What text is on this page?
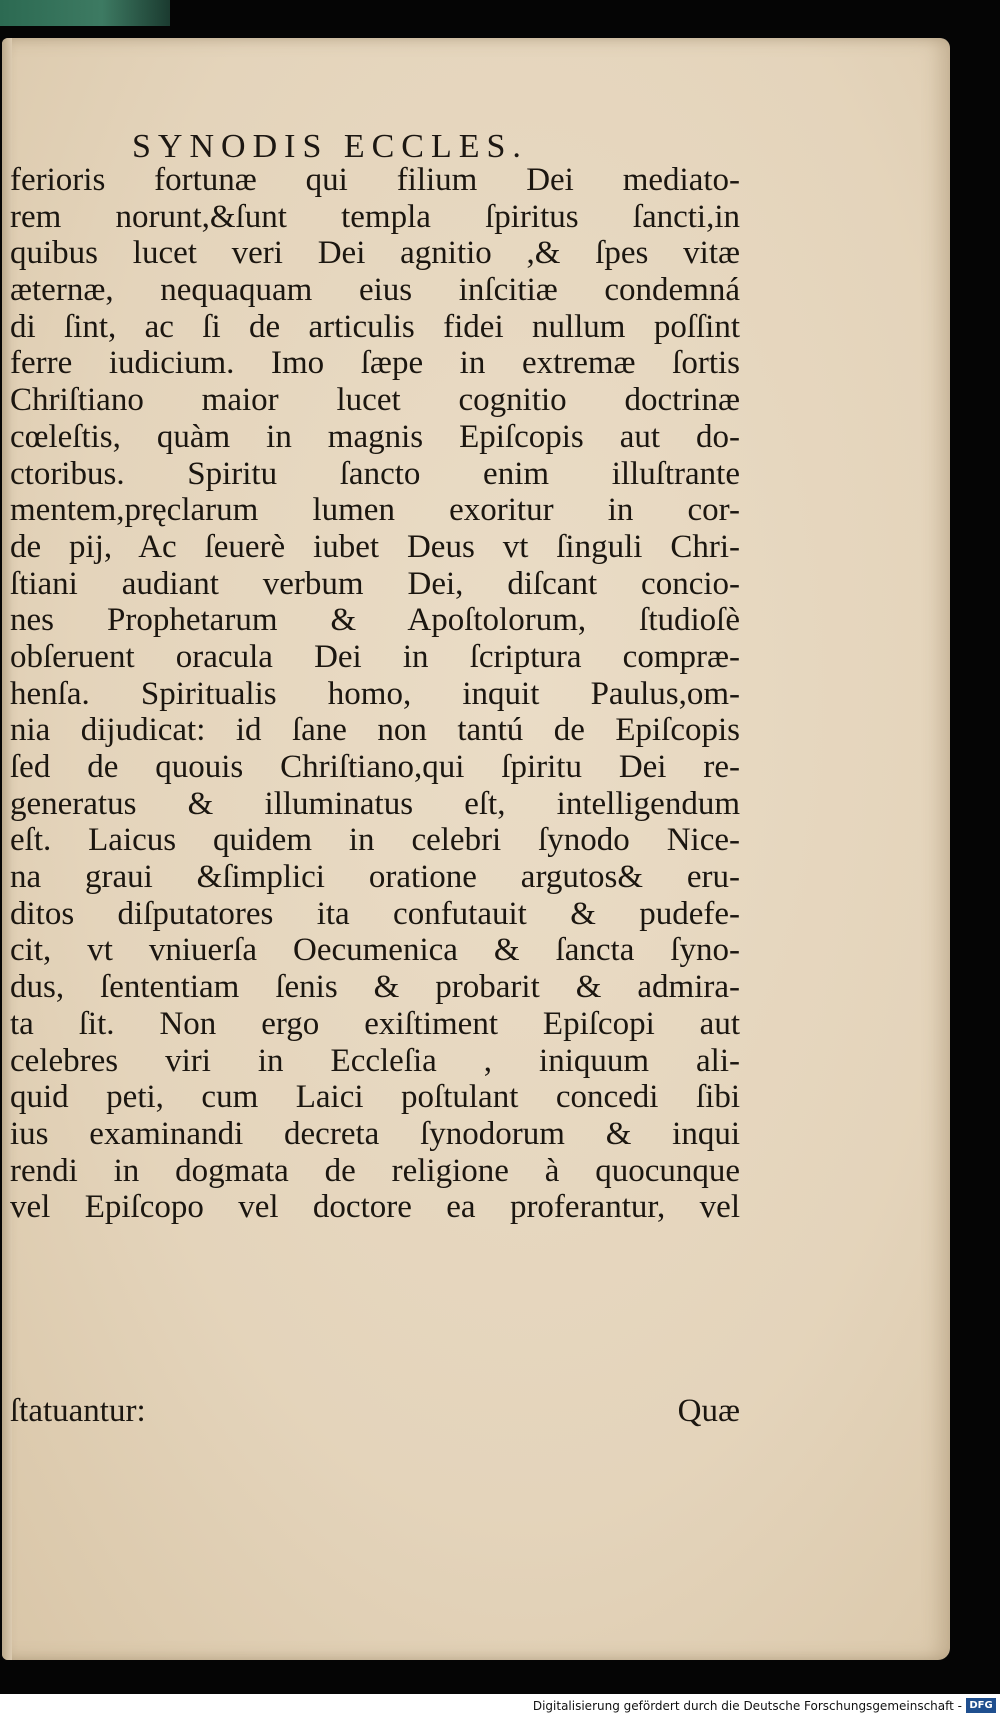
SYNODIS ECCLES.
ferioris fortunæ qui filium Dei mediato-
rem norunt,&ſunt templa ſpiritus ſancti,in
quibus lucet veri Dei agnitio ,& ſpes vitæ
æternæ, nequaquam eius inſcitiæ condemná
di ſint, ac ſi de articulis fidei nullum poſſint
ferre iudicium. Imo ſæpe in extremæ ſortis
Chriſtiano maior lucet cognitio doctrinæ
cœleſtis, quàm in magnis Epiſcopis aut do-
ctoribus. Spiritu ſancto enim illuſtrante
mentem,pręclarum lumen exoritur in cor-
de pij, Ac ſeuerè iubet Deus vt ſinguli Chri-
ſtiani audiant verbum Dei, diſcant concio-
nes Prophetarum & Apoſtolorum, ſtudioſè
obſeruent oracula Dei in ſcriptura compræ-
henſa. Spiritualis homo, inquit Paulus,om-
nia dijudicat: id ſane non tantú de Epiſcopis
ſed de quouis Chriſtiano,qui ſpiritu Dei re-
generatus & illuminatus eſt, intelligendum
eſt. Laicus quidem in celebri ſynodo Nice-
na graui &ſimplici oratione argutos& eru-
ditos diſputatores ita confutauit & pudefe-
cit, vt vniuerſa Oecumenica & ſancta ſyno-
dus, ſententiam ſenis & probarit & admira-
ta ſit. Non ergo exiſtiment Epiſcopi aut
celebres viri in Eccleſia , iniquum ali-
quid peti, cum Laici poſtulant concedi ſibi
ius examinandi decreta ſynodorum & inqui
rendi in dogmata de religione à quocunque
vel Epiſcopo vel doctore ea proferantur, vel
ſtatuantur:	Quæ
Digitalisierung gefördert durch die Deutsche Forschungsgemeinschaft - DFG
